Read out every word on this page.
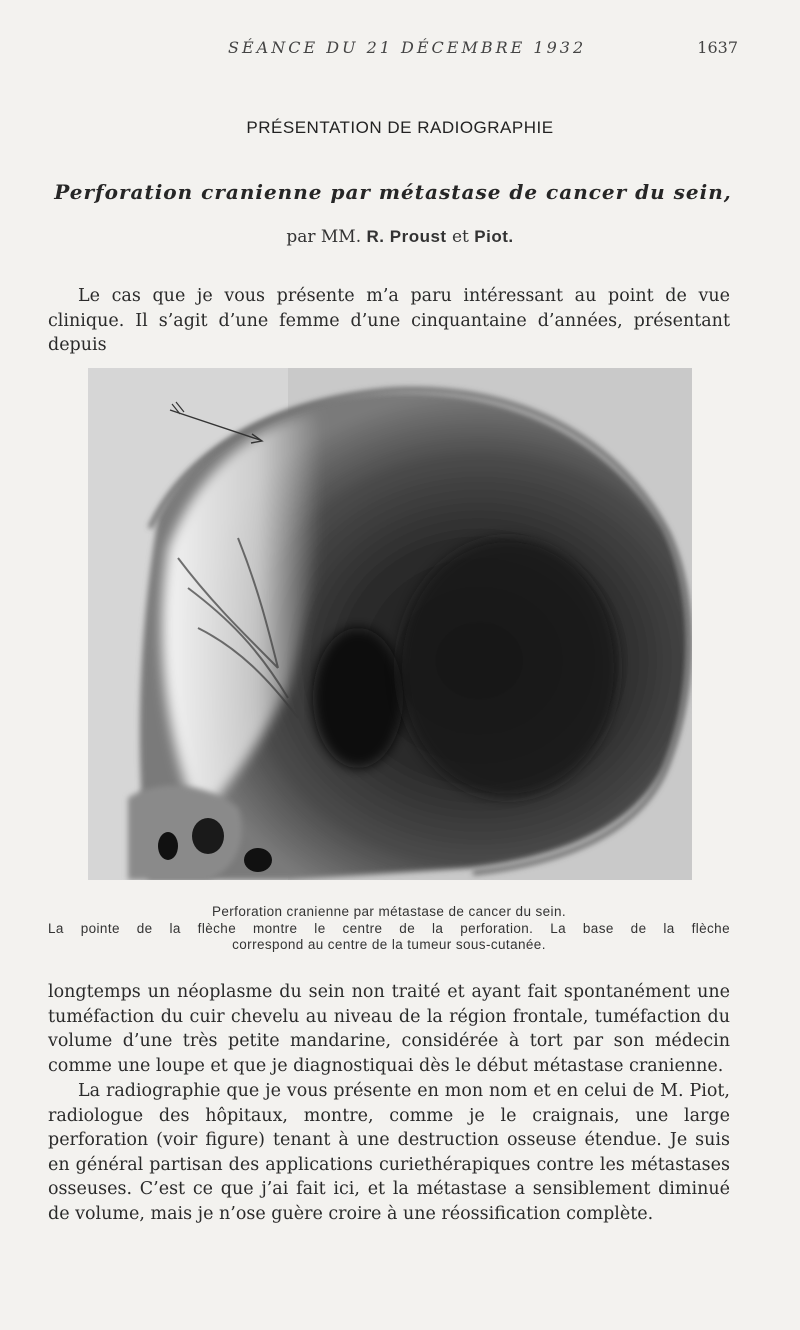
SÉANCE DU 21 DÉCEMBRE 1932	1637
PRÉSENTATION DE RADIOGRAPHIE
Perforation cranienne par métastase de cancer du sein,
par MM. R. Proust et Piot.

Le cas que je vous présente m’a paru intéressant au point de vue clinique. Il s’agit d’une femme d’une cinquantaine d’années, présentant depuis

Perforation cranienne par métastase de cancer du sein.
La pointe de la flèche montre le centre de la perforation. La base de la flèche
correspond au centre de la tumeur sous-cutanée.

longtemps un néoplasme du sein non traité et ayant fait spontanément une tuméfaction du cuir chevelu au niveau de la région frontale, tuméfaction du volume d’une très petite mandarine, considérée à tort par son médecin comme une loupe et que je diagnostiquai dès le début métastase cranienne.

La radiographie que je vous présente en mon nom et en celui de M. Piot, radiologue des hôpitaux, montre, comme je le craignais, une large perforation (voir figure) tenant à une destruction osseuse étendue. Je suis en général partisan des applications curiethérapiques contre les métastases osseuses. C’est ce que j’ai fait ici, et la métastase a sensiblement diminué de volume, mais je n’ose guère croire à une réossification complète.
